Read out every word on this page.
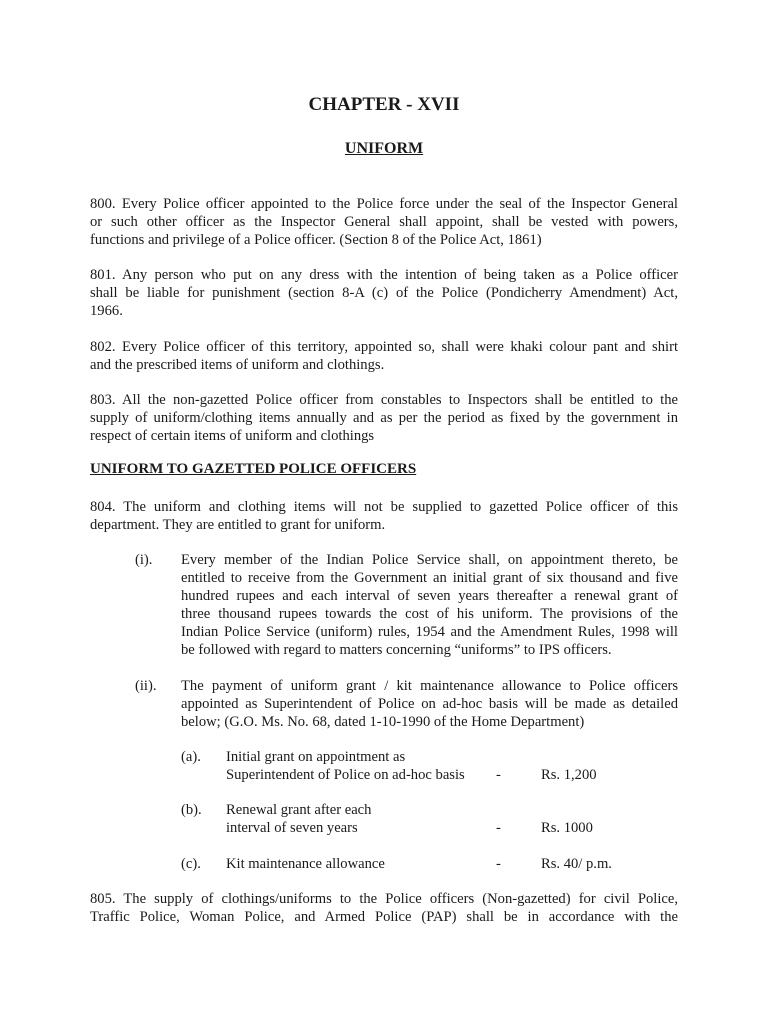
CHAPTER - XVII
UNIFORM
800. Every Police officer appointed to the Police force under the seal of the Inspector General
or such other officer as the Inspector General shall appoint, shall be vested with powers,
functions and privilege of a Police officer. (Section 8 of the Police Act, 1861)
801. Any person who put on any dress with the intention of being taken as a Police officer
shall be liable for punishment (section 8-A (c) of the Police (Pondicherry Amendment) Act,
1966.
802. Every Police officer of this territory, appointed so, shall were khaki colour pant and shirt
and the prescribed items of uniform and clothings.
803. All the non-gazetted Police officer from constables to Inspectors shall be entitled to the
supply of uniform/clothing items annually and as per the period as fixed by the government in
respect of certain items of uniform and clothings
UNIFORM TO GAZETTED POLICE OFFICERS
804. The uniform and clothing items will not be supplied to gazetted Police officer of this
department. They are entitled to grant for uniform.
(i). Every member of the Indian Police Service shall, on appointment thereto, be
entitled to receive from the Government an initial grant of six thousand and five
hundred rupees and each interval of seven years thereafter a renewal grant of
three thousand rupees towards the cost of his uniform. The provisions of the
Indian Police Service (uniform) rules, 1954 and the Amendment Rules, 1998 will
be followed with regard to matters concerning “uniforms” to IPS officers.
(ii). The payment of uniform grant / kit maintenance allowance to Police officers
appointed as Superintendent of Police on ad-hoc basis will be made as detailed
below; (G.O. Ms. No. 68, dated 1-10-1990 of the Home Department)
(a). Initial grant on appointment as
Superintendent of Police on ad-hoc basis -	Rs. 1,200
(b). Renewal grant after each
interval of seven years	-	Rs. 1000
(c). Kit maintenance allowance	-	Rs. 40/ p.m.
805. The supply of clothings/uniforms to the Police officers (Non-gazetted) for civil Police,
Traffic Police, Woman Police, and Armed Police (PAP) shall be in accordance with the
